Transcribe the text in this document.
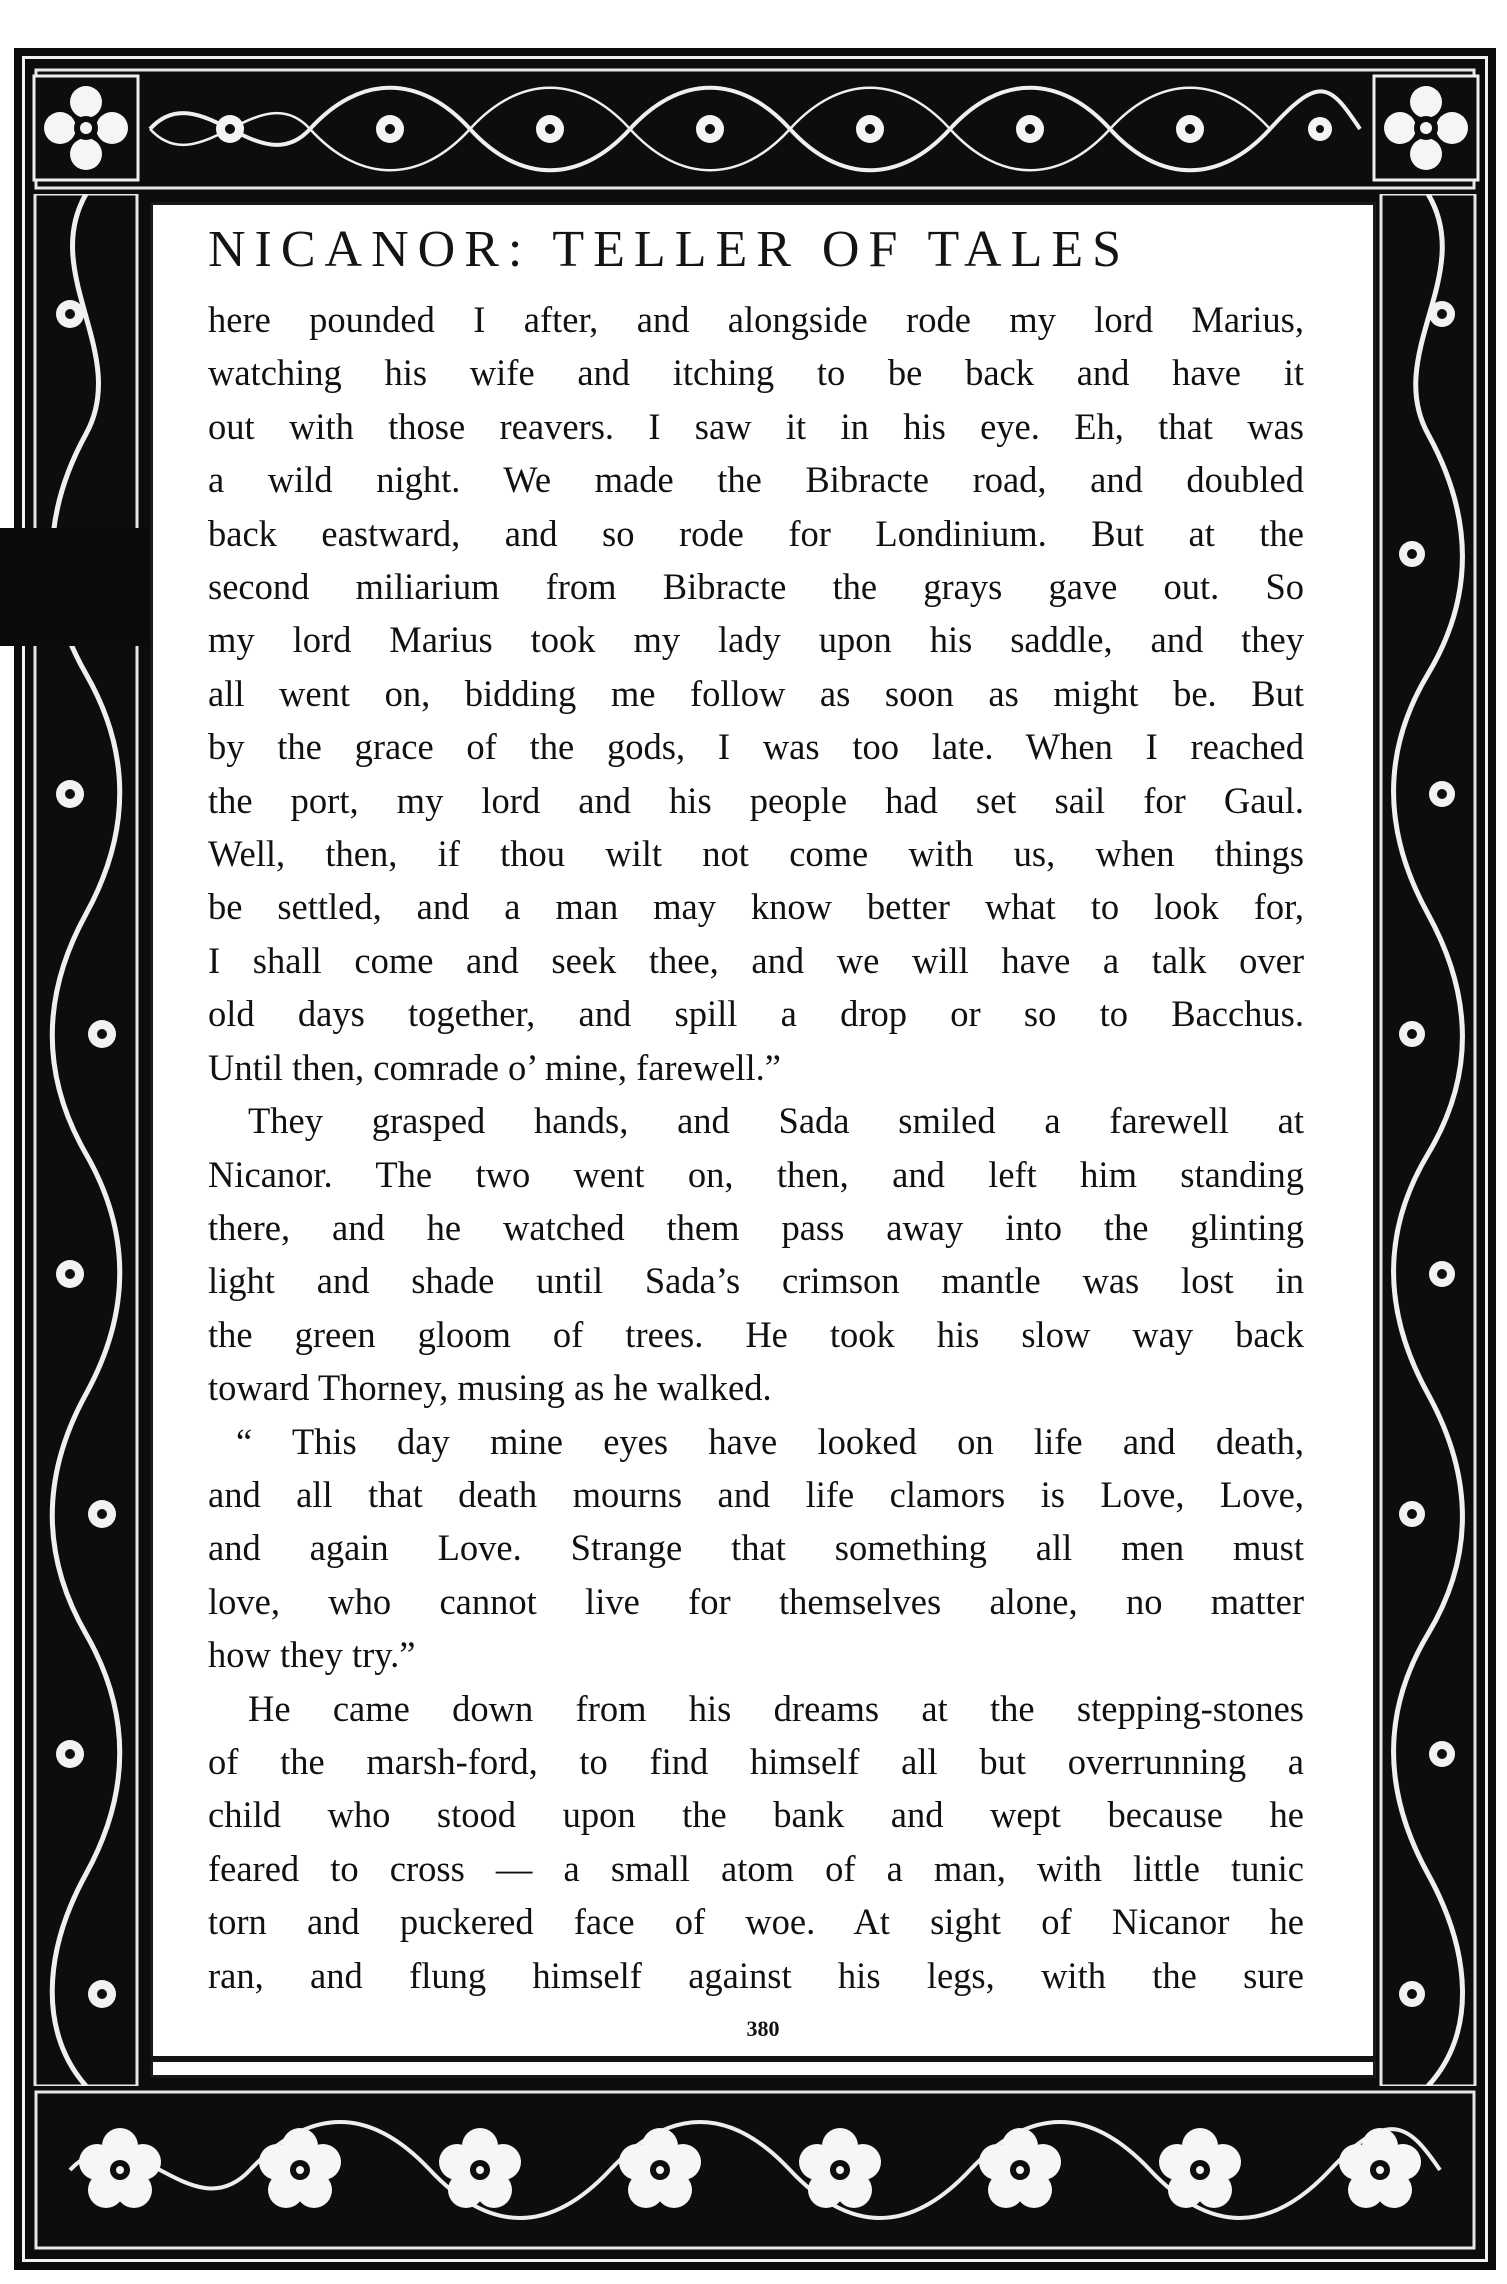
NICANOR: TELLER OF TALES

here pounded I after, and alongside rode my lord Marius,
watching his wife and itching to be back and have it
out with those reavers. I saw it in his eye. Eh, that was
a wild night. We made the Bibracte road, and doubled
back eastward, and so rode for Londinium. But at the
second miliarium from Bibracte the grays gave out. So
my lord Marius took my lady upon his saddle, and they
all went on, bidding me follow as soon as might be. But
by the grace of the gods, I was too late. When I reached
the port, my lord and his people had set sail for Gaul.
Well, then, if thou wilt not come with us, when things
be settled, and a man may know better what to look for,
I shall come and seek thee, and we will have a talk over
old days together, and spill a drop or so to Bacchus.
Until then, comrade o’ mine, farewell.”

They grasped hands, and Sada smiled a farewell at
Nicanor. The two went on, then, and left him standing
there, and he watched them pass away into the glinting
light and shade until Sada’s crimson mantle was lost in
the green gloom of trees. He took his slow way back
toward Thorney, musing as he walked.

“ This day mine eyes have looked on life and death,
and all that death mourns and life clamors is Love, Love,
and again Love. Strange that something all men must
love, who cannot live for themselves alone, no matter
how they try.”

He came down from his dreams at the stepping-stones
of the marsh-ford, to find himself all but overrunning a
child who stood upon the bank and wept because he
feared to cross — a small atom of a man, with little tunic
torn and puckered face of woe. At sight of Nicanor he
ran, and flung himself against his legs, with the sure

380
